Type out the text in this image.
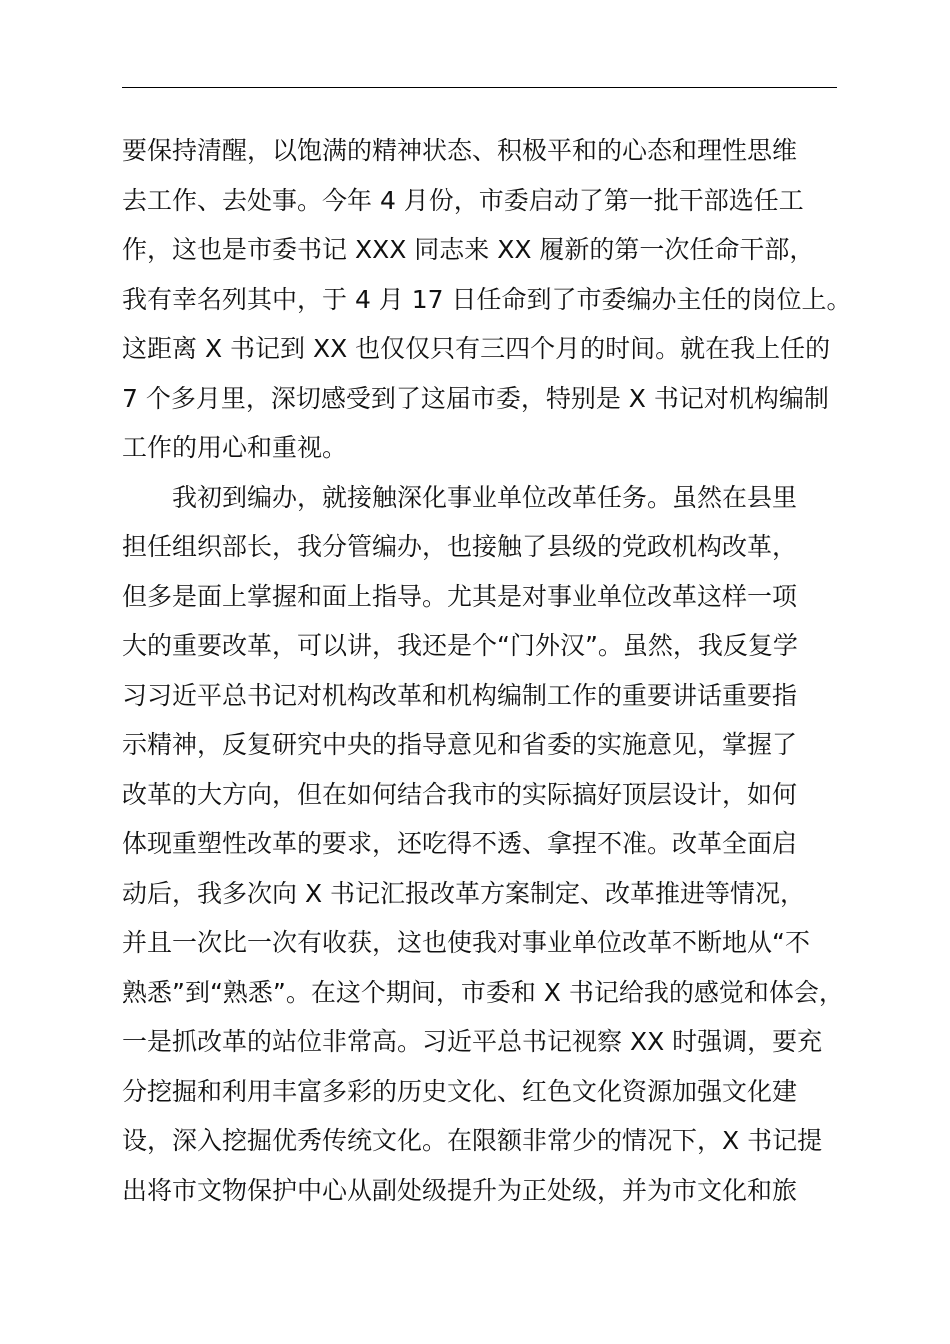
要保持清醒，以饱满的精神状态、积极平和的心态和理性思维
去工作、去处事。今年 4 月份，市委启动了第一批干部选任工
作，这也是市委书记 XXX 同志来 XX 履新的第一次任命干部，
我有幸名列其中，于 4 月 17 日任命到了市委编办主任的岗位上。
这距离 X 书记到 XX 也仅仅只有三四个月的时间。就在我上任的
7 个多月里，深切感受到了这届市委，特别是 X 书记对机构编制
工作的用心和重视。
我初到编办，就接触深化事业单位改革任务。虽然在县里
担任组织部长，我分管编办，也接触了县级的党政机构改革，
但多是面上掌握和面上指导。尤其是对事业单位改革这样一项
大的重要改革，可以讲，我还是个“门外汉”。虽然，我反复学
习习近平总书记对机构改革和机构编制工作的重要讲话重要指
示精神，反复研究中央的指导意见和省委的实施意见，掌握了
改革的大方向，但在如何结合我市的实际搞好顶层设计，如何
体现重塑性改革的要求，还吃得不透、拿捏不准。改革全面启
动后，我多次向 X 书记汇报改革方案制定、改革推进等情况，
并且一次比一次有收获，这也使我对事业单位改革不断地从“不
熟悉”到“熟悉”。在这个期间，市委和 X 书记给我的感觉和体会，
一是抓改革的站位非常高。习近平总书记视察 XX 时强调，要充
分挖掘和利用丰富多彩的历史文化、红色文化资源加强文化建
设，深入挖掘优秀传统文化。在限额非常少的情况下，X 书记提
出将市文物保护中心从副处级提升为正处级，并为市文化和旅
